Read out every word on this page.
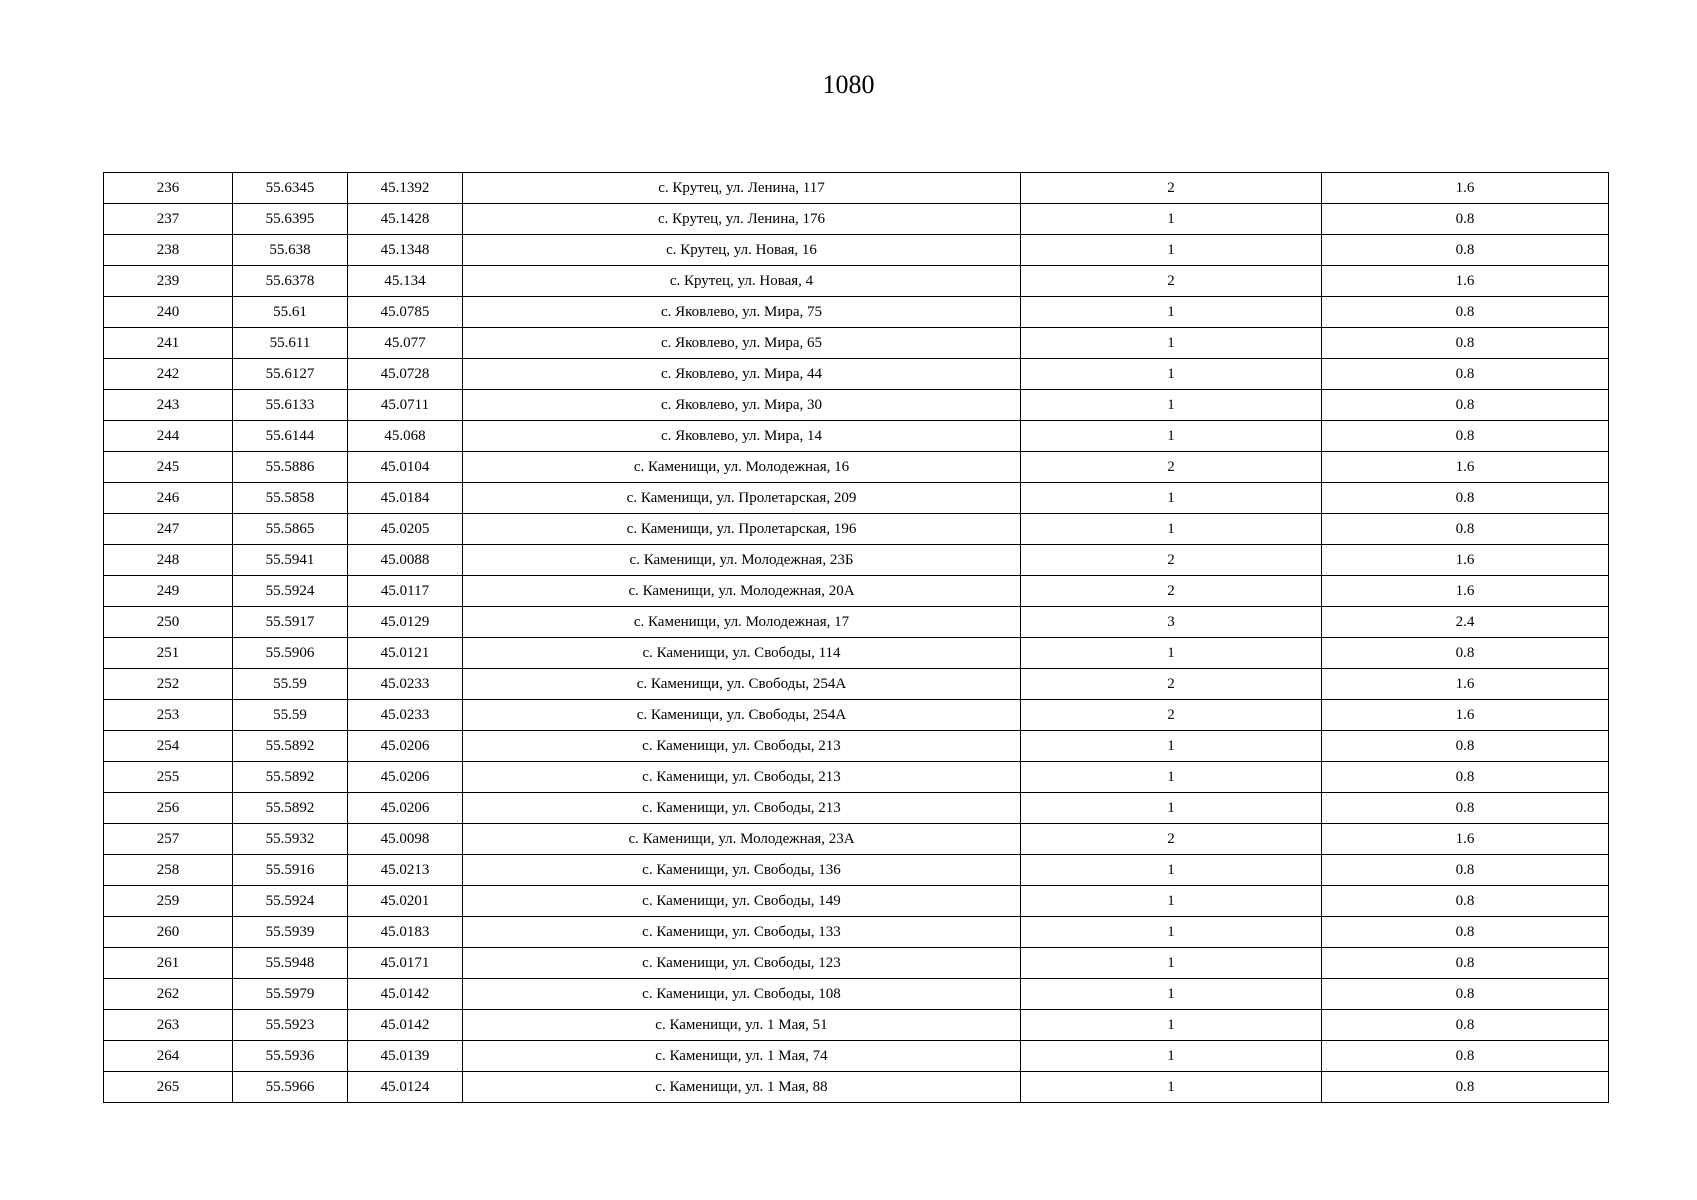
1080
236	55.6345	45.1392	с. Крутец, ул. Ленина, 117	2	1.6
237	55.6395	45.1428	с. Крутец, ул. Ленина, 176	1	0.8
238	55.638	45.1348	с. Крутец, ул. Новая, 16	1	0.8
239	55.6378	45.134	с. Крутец, ул. Новая, 4	2	1.6
240	55.61	45.0785	с. Яковлево, ул. Мира, 75	1	0.8
241	55.611	45.077	с. Яковлево, ул. Мира, 65	1	0.8
242	55.6127	45.0728	с. Яковлево, ул. Мира, 44	1	0.8
243	55.6133	45.0711	с. Яковлево, ул. Мира, 30	1	0.8
244	55.6144	45.068	с. Яковлево, ул. Мира, 14	1	0.8
245	55.5886	45.0104	с. Каменищи, ул. Молодежная, 16	2	1.6
246	55.5858	45.0184	с. Каменищи, ул. Пролетарская, 209	1	0.8
247	55.5865	45.0205	с. Каменищи, ул. Пролетарская, 196	1	0.8
248	55.5941	45.0088	с. Каменищи, ул. Молодежная, 23Б	2	1.6
249	55.5924	45.0117	с. Каменищи, ул. Молодежная, 20А	2	1.6
250	55.5917	45.0129	с. Каменищи, ул. Молодежная, 17	3	2.4
251	55.5906	45.0121	с. Каменищи, ул. Свободы, 114	1	0.8
252	55.59	45.0233	с. Каменищи, ул. Свободы, 254А	2	1.6
253	55.59	45.0233	с. Каменищи, ул. Свободы, 254А	2	1.6
254	55.5892	45.0206	с. Каменищи, ул. Свободы, 213	1	0.8
255	55.5892	45.0206	с. Каменищи, ул. Свободы, 213	1	0.8
256	55.5892	45.0206	с. Каменищи, ул. Свободы, 213	1	0.8
257	55.5932	45.0098	с. Каменищи, ул. Молодежная, 23А	2	1.6
258	55.5916	45.0213	с. Каменищи, ул. Свободы, 136	1	0.8
259	55.5924	45.0201	с. Каменищи, ул. Свободы, 149	1	0.8
260	55.5939	45.0183	с. Каменищи, ул. Свободы, 133	1	0.8
261	55.5948	45.0171	с. Каменищи, ул. Свободы, 123	1	0.8
262	55.5979	45.0142	с. Каменищи, ул. Свободы, 108	1	0.8
263	55.5923	45.0142	с. Каменищи, ул. 1 Мая, 51	1	0.8
264	55.5936	45.0139	с. Каменищи, ул. 1 Мая, 74	1	0.8
265	55.5966	45.0124	с. Каменищи, ул. 1 Мая, 88	1	0.8
